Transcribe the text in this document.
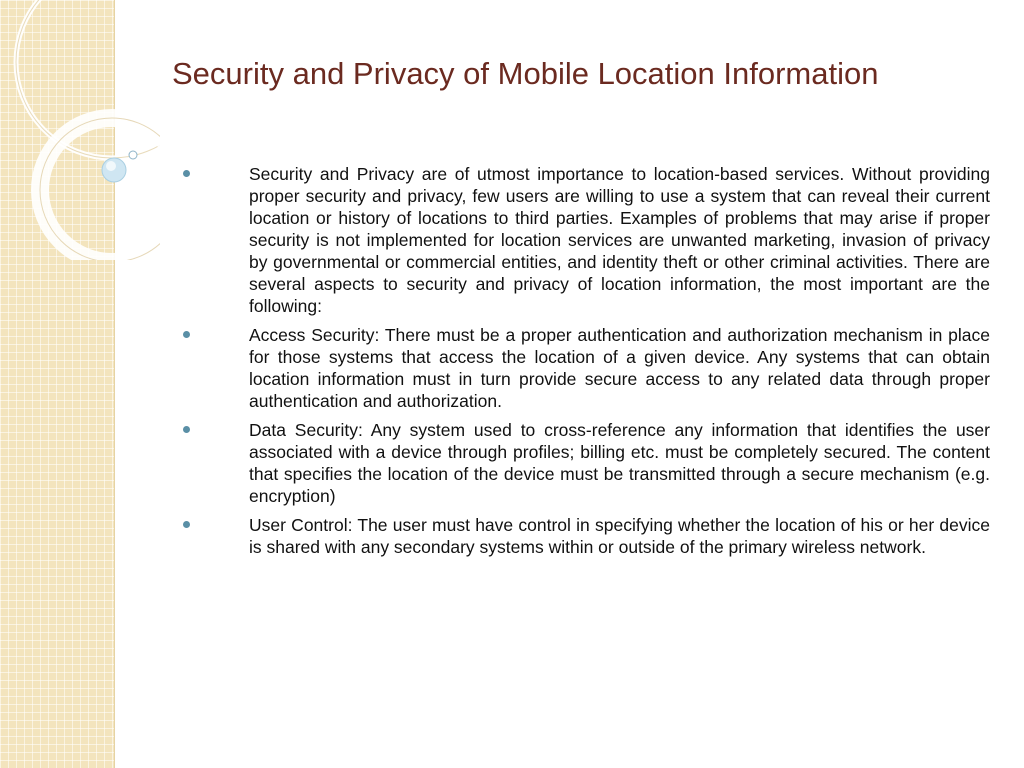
Security and Privacy of Mobile Location Information
Security and Privacy are of utmost importance to location-based services. Without providing proper security and privacy, few users are willing to use a system that can reveal their current location or history of locations to third parties. Examples of problems that may arise if proper security is not implemented for location services are unwanted marketing, invasion of privacy by governmental or commercial entities, and identity theft or other criminal activities. There are several aspects to security and privacy of location information, the most important are the following:
Access Security: There must be a proper authentication and authorization mechanism in place for those systems that access the location of a given device. Any systems that can obtain location information must in turn provide secure access to any related data through proper authentication and authorization.
Data Security: Any system used to cross-reference any information that identifies the user associated with a device through profiles; billing etc. must be completely secured. The content that specifies the location of the device must be transmitted through a secure mechanism (e.g. encryption)
User Control: The user must have control in specifying whether the location of his or her device is shared with any secondary systems within or outside of the primary wireless network.
